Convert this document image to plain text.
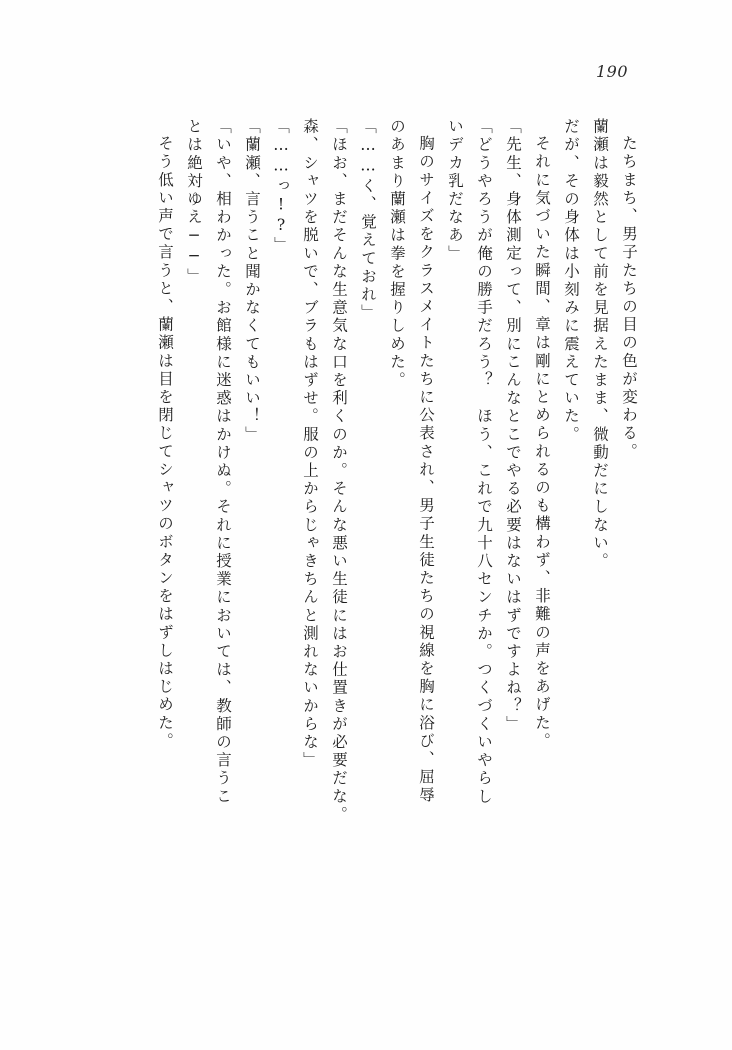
190
たちまち、男子たちの目の色が変わる。
蘭瀬は毅然として前を見据えたまま、微動だにしない。
だが、その身体は小刻みに震えていた。
それに気づいた瞬間、章は剛にとめられるのも構わず、非難の声をあげた。
「先生、身体測定って、別にこんなとこでやる必要はないはずですよね？」
「どうやろうが俺の勝手だろう？　ほう、これで九十八センチか。つくづくいやらし
いデカ乳だなあ」
胸のサイズをクラスメイトたちに公表され、男子生徒たちの視線を胸に浴び、屈辱
のあまり蘭瀬は拳を握りしめた。
「……く、覚えておれ」
「ほお、まだそんな生意気な口を利くのか。そんな悪い生徒にはお仕置きが必要だな。
森、シャツを脱いで、ブラもはずせ。服の上からじゃきちんと測れないからな」
「……っ!?」
「蘭瀬、言うこと聞かなくてもいい！」
「いや、相わかった。お館様に迷惑はかけぬ。それに授業においては、教師の言うこ
とは絶対ゆえ──」
そう低い声で言うと、蘭瀬は目を閉じてシャツのボタンをはずしはじめた。
